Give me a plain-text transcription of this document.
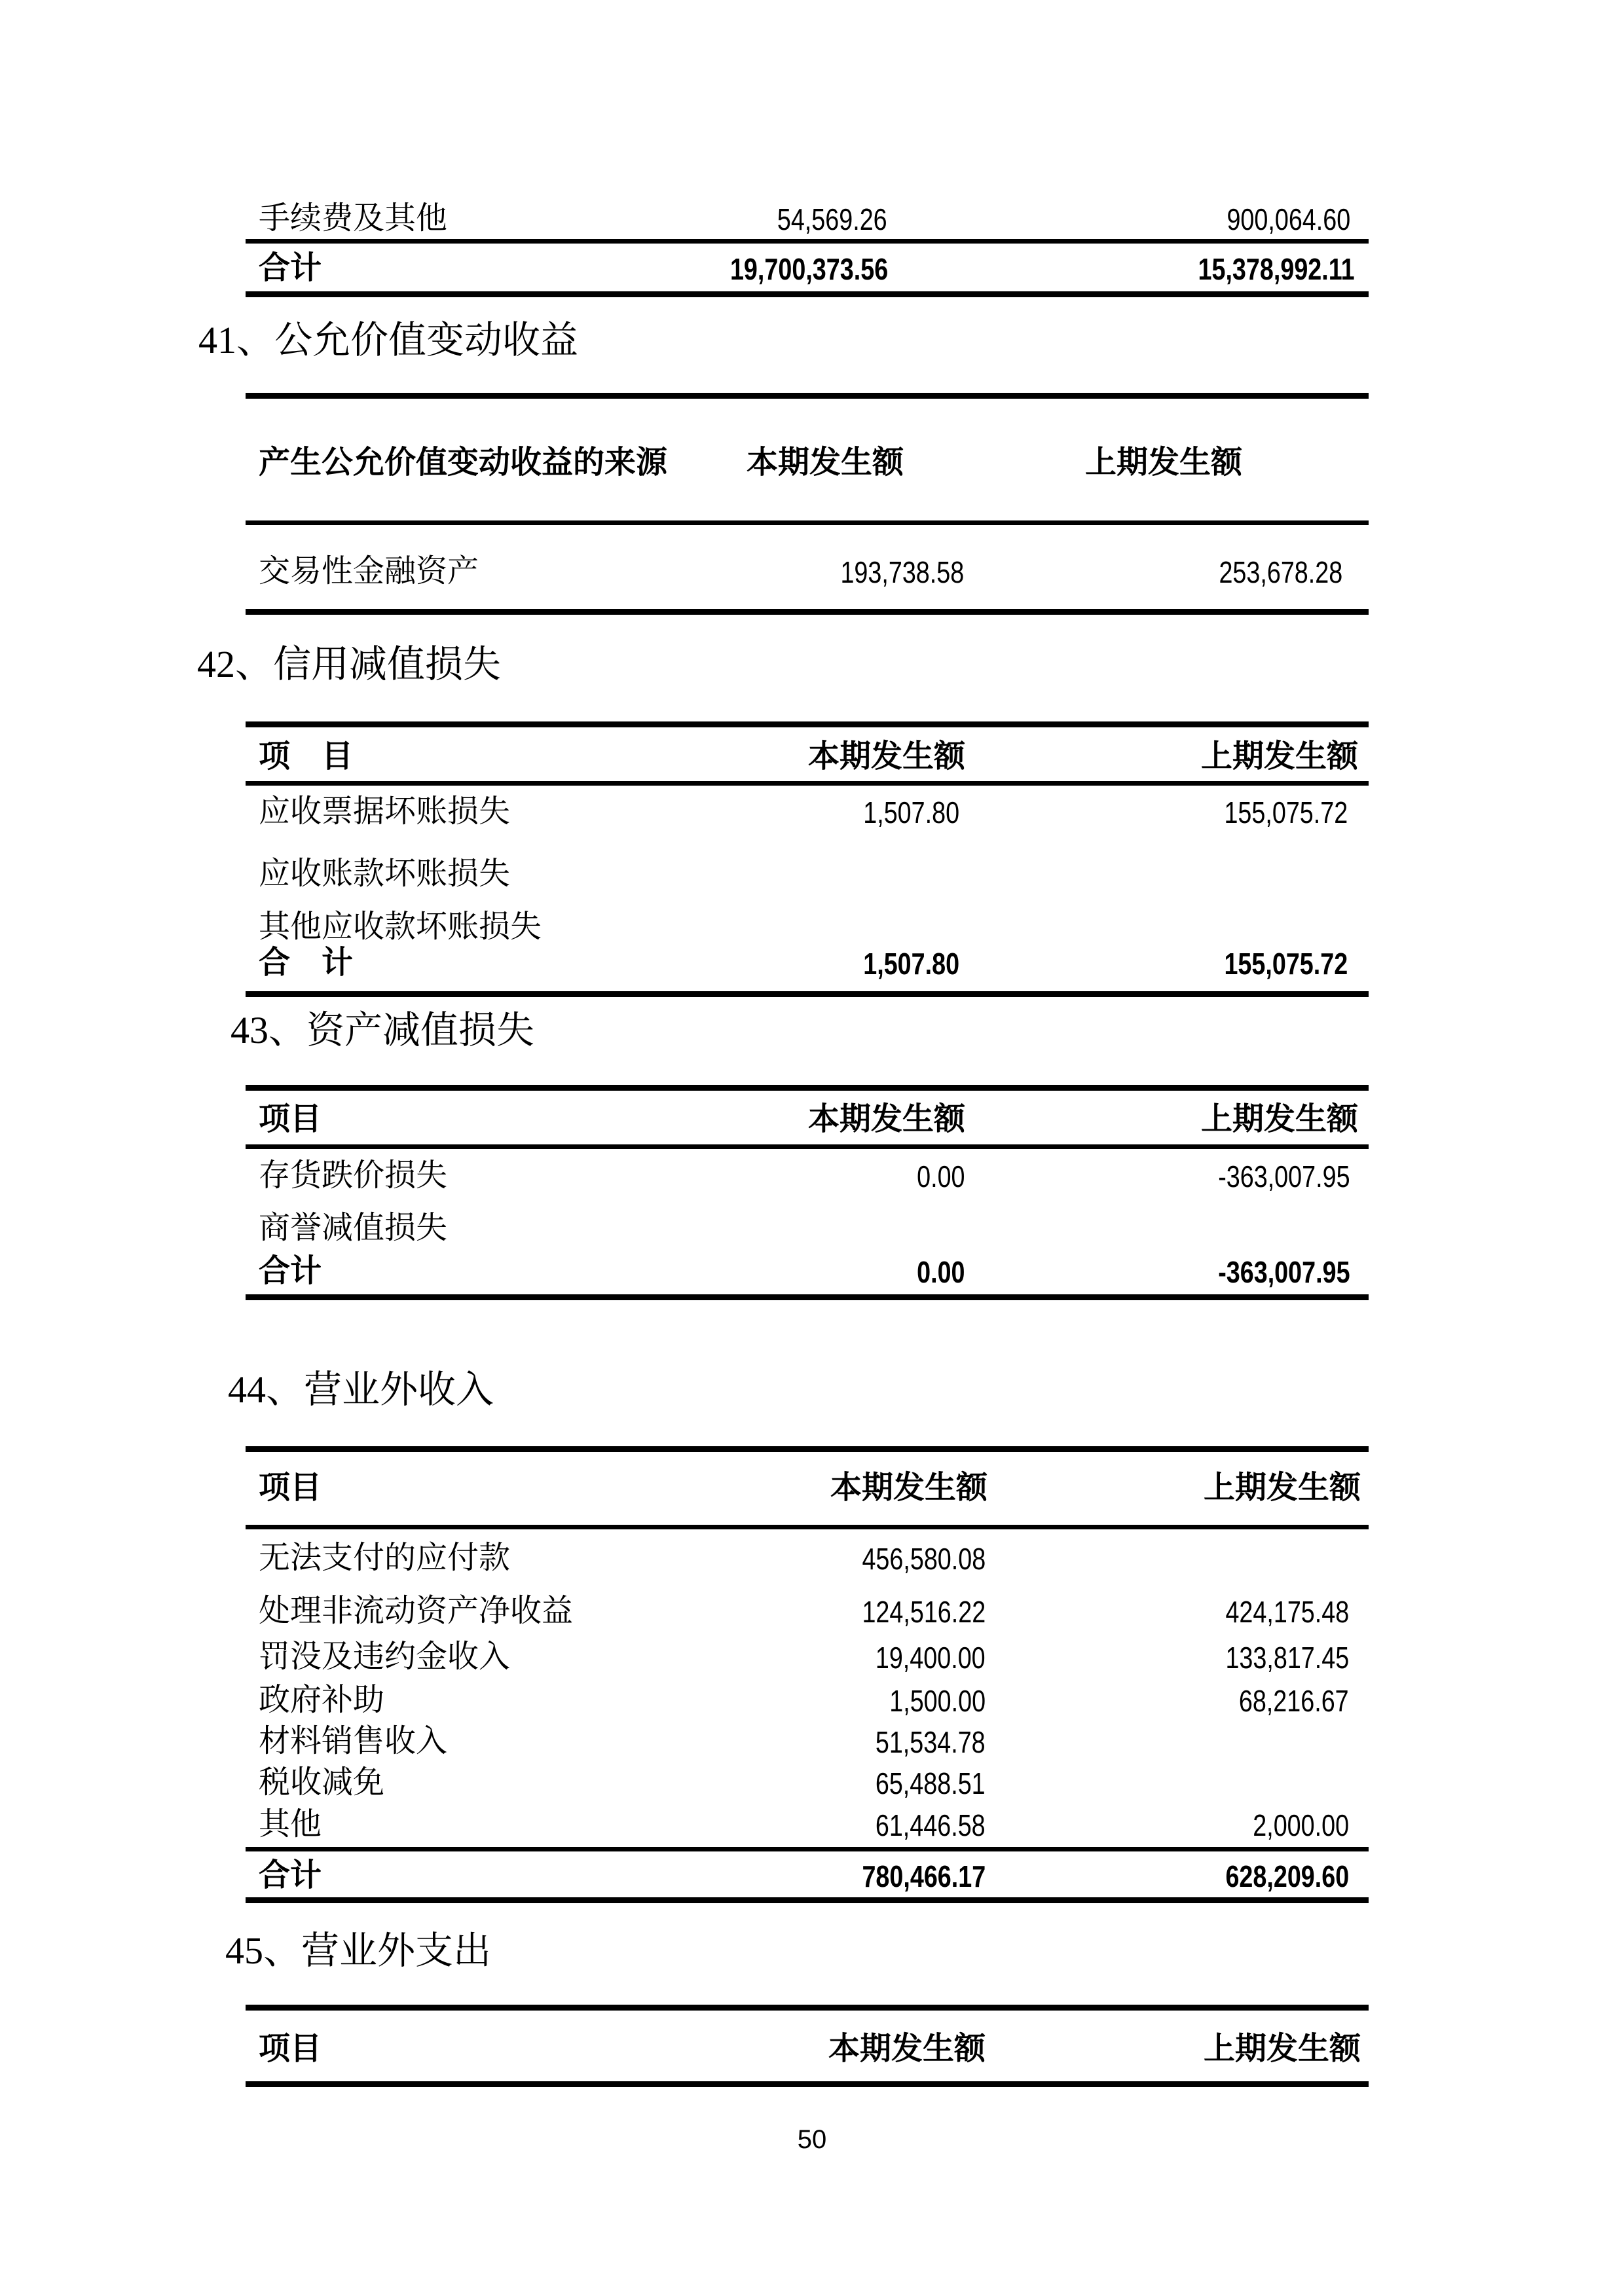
手续费及其他	54,569.26	900,064.60
合计	19,700,373.56	15,378,992.11
41、公允价值变动收益
产生公允价值变动收益的来源	本期发生额	上期发生额
交易性金融资产	193,738.58	253,678.28
42、信用减值损失
项　目	本期发生额	上期发生额
应收票据坏账损失	1,507.80	155,075.72
应收账款坏账损失
其他应收款坏账损失
合　计	1,507.80	155,075.72
43、资产减值损失
项目	本期发生额	上期发生额
存货跌价损失	0.00	-363,007.95
商誉减值损失
合计	0.00	-363,007.95
44、营业外收入
项目	本期发生额	上期发生额
无法支付的应付款	456,580.08
处理非流动资产净收益	124,516.22	424,175.48
罚没及违约金收入	19,400.00	133,817.45
政府补助	1,500.00	68,216.67
材料销售收入	51,534.78
税收减免	65,488.51
其他	61,446.58	2,000.00
合计	780,466.17	628,209.60
45、营业外支出
项目	本期发生额	上期发生额
50
